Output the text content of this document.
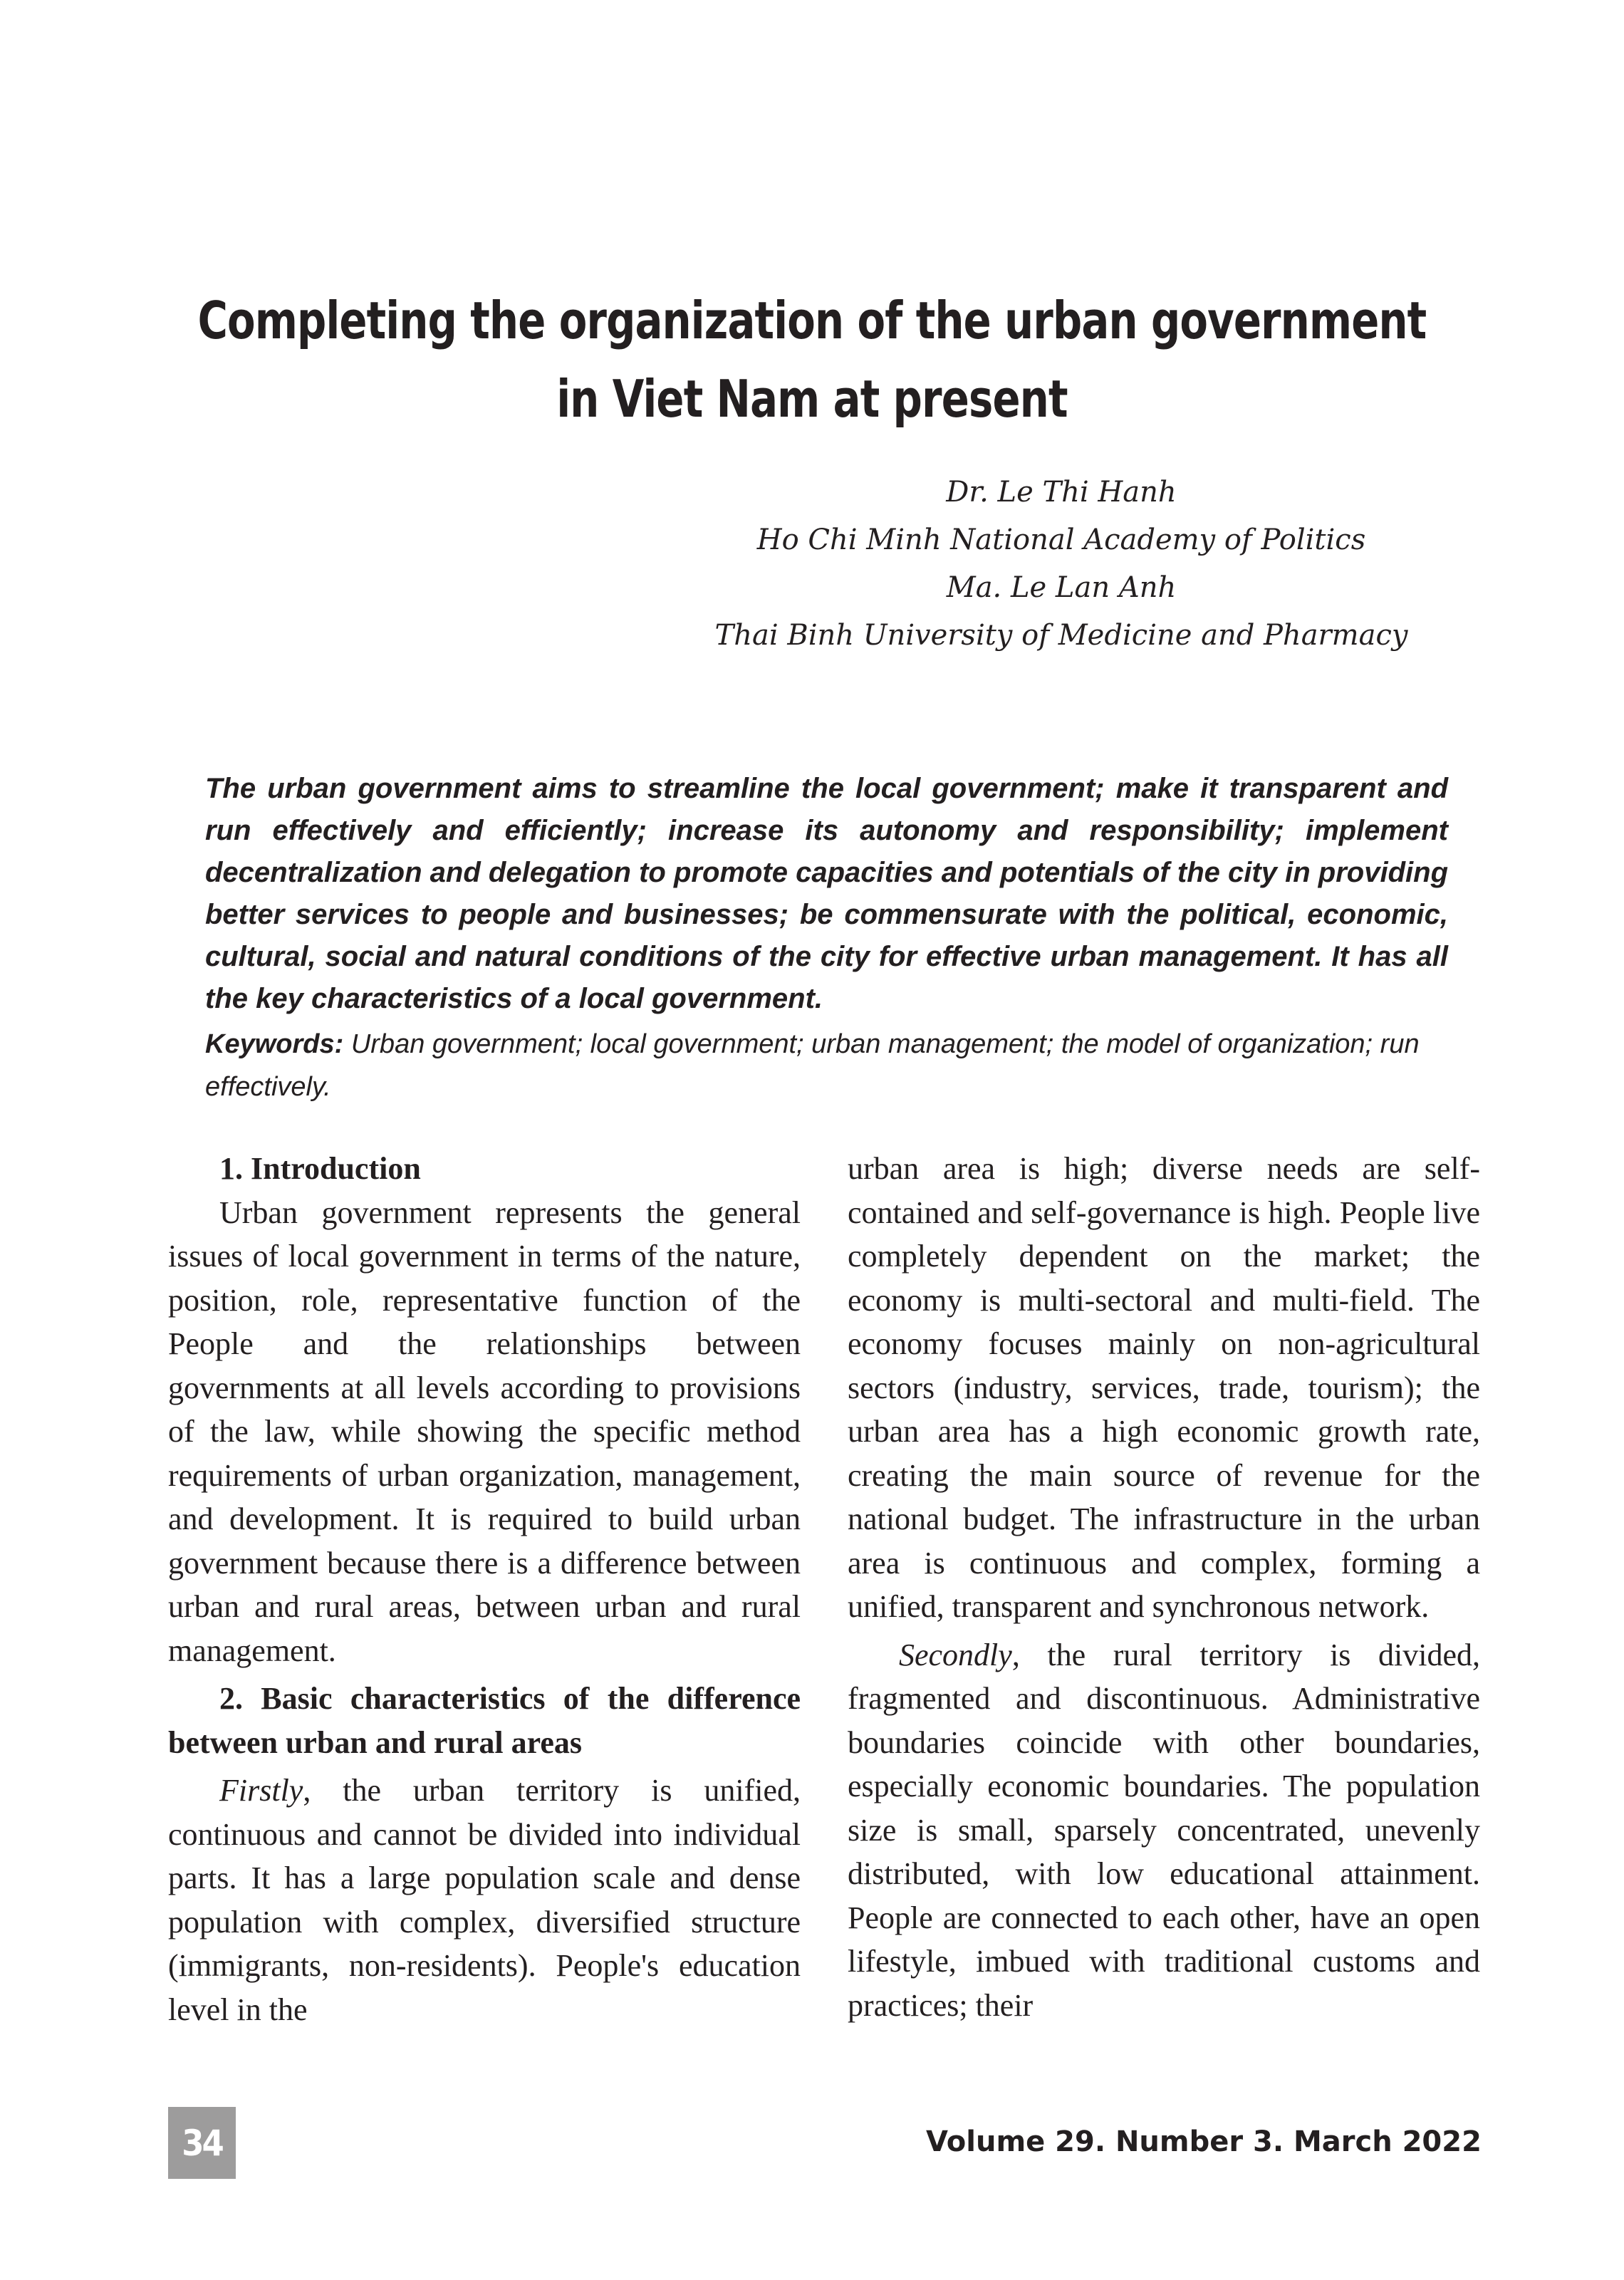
Completing the organization of the urban government
in Viet Nam at present
Dr. Le Thi Hanh
Ho Chi Minh National Academy of Politics
Ma. Le Lan Anh
Thai Binh University of Medicine and Pharmacy
The urban government aims to streamline the local government; make it transparent and run effectively and efficiently; increase its autonomy and responsibility; implement decentralization and delegation to promote capacities and potentials of the city in providing better services to people and businesses; be commensurate with the political, economic, cultural, social and natural conditions of the city for effective urban management. It has all the key characteristics of a local government.
Keywords: Urban government; local government; urban management; the model of organization; run effectively.

1. Introduction

Urban government represents the general issues of local government in terms of the nature, position, role, representative function of the People and the relationships between governments at all levels according to provisions of the law, while showing the specific method requirements of urban organization, management, and development. It is required to build urban government because there is a difference between urban and rural areas, between urban and rural management.

2. Basic characteristics of the difference between urban and rural areas

Firstly, the urban territory is unified, continuous and cannot be divided into individual parts. It has a large population scale and dense population with complex, diversified structure (immigrants, non-residents). People's education level in the

urban area is high; diverse needs are self-contained and self-governance is high. People live completely dependent on the market; the economy is multi-sectoral and multi-field. The economy focuses mainly on non-agricultural sectors (industry, services, trade, tourism); the urban area has a high economic growth rate, creating the main source of revenue for the national budget. The infrastructure in the urban area is continuous and complex, forming a unified, transparent and synchronous network.

Secondly, the rural territory is divided, fragmented and discontinuous. Administrative boundaries coincide with other boundaries, especially economic boundaries. The population size is small, sparsely concentrated, unevenly distributed, with low educational attainment. People are connected to each other, have an open lifestyle, imbued with traditional customs and practices; their

34	Volume 29. Number 3. March 2022
